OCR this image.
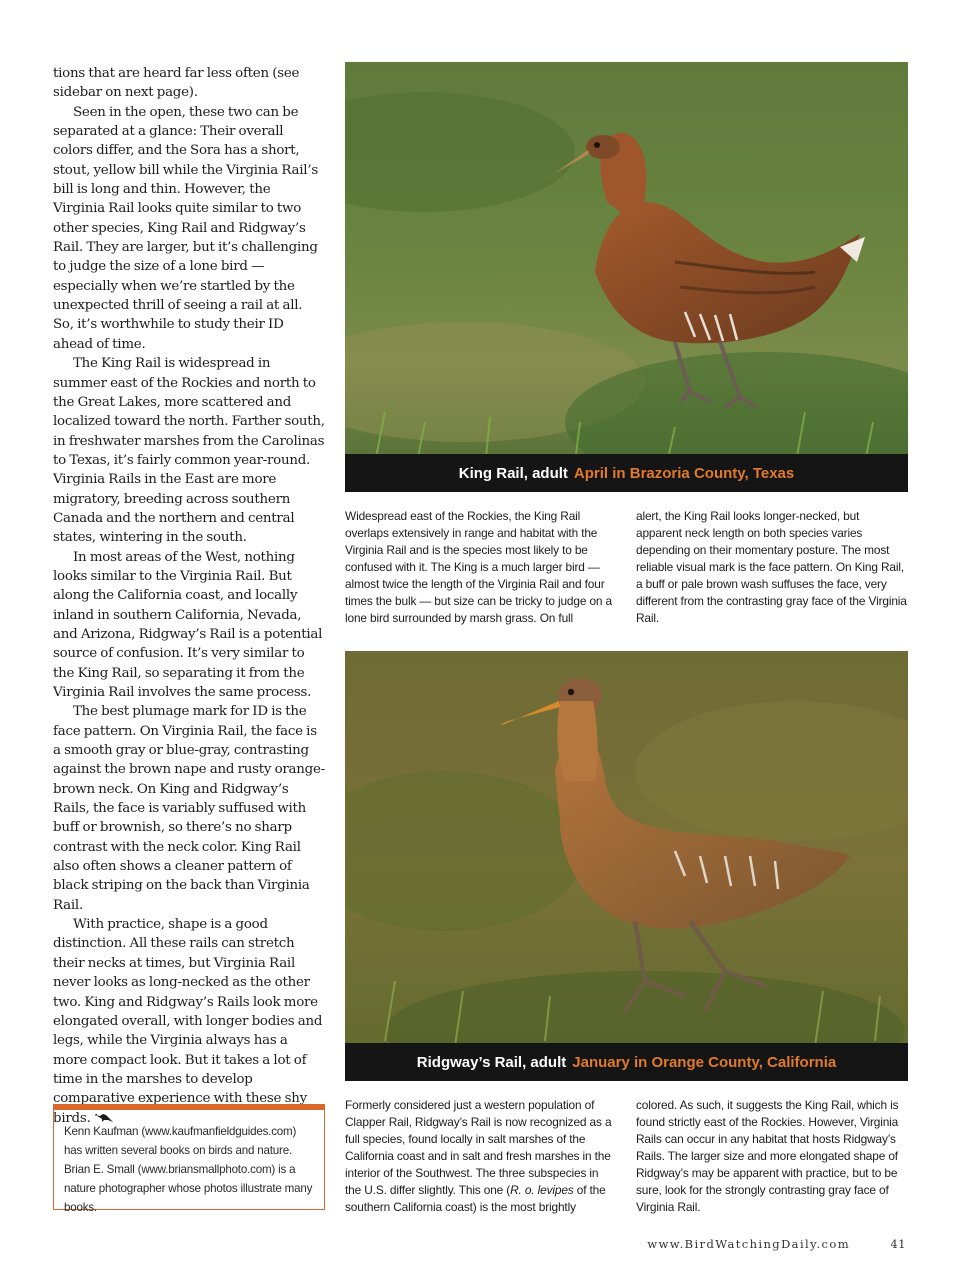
tions that are heard far less often (see sidebar on next page).

Seen in the open, these two can be separated at a glance: Their overall colors differ, and the Sora has a short, stout, yellow bill while the Virginia Rail’s bill is long and thin. However, the Virginia Rail looks quite similar to two other species, King Rail and Ridgway’s Rail. They are larger, but it’s challenging to judge the size of a lone bird — especially when we’re startled by the unexpected thrill of seeing a rail at all. So, it’s worthwhile to study their ID ahead of time.

The King Rail is widespread in summer east of the Rockies and north to the Great Lakes, more scattered and localized toward the north. Farther south, in freshwater marshes from the Carolinas to Texas, it’s fairly common year-round. Virginia Rails in the East are more migratory, breeding across southern Canada and the northern and central states, wintering in the south.

In most areas of the West, nothing looks similar to the Virginia Rail. But along the California coast, and locally inland in southern California, Nevada, and Arizona, Ridgway’s Rail is a potential source of confusion. It’s very similar to the King Rail, so separating it from the Virginia Rail involves the same process.

The best plumage mark for ID is the face pattern. On Virginia Rail, the face is a smooth gray or blue-gray, contrasting against the brown nape and rusty orange-brown neck. On King and Ridgway’s Rails, the face is variably suffused with buff or brownish, so there’s no sharp contrast with the neck color. King Rail also often shows a cleaner pattern of black striping on the back than Virginia Rail.

With practice, shape is a good distinction. All these rails can stretch their necks at times, but Virginia Rail never looks as long-necked as the other two. King and Ridgway’s Rails look more elongated overall, with longer bodies and legs, while the Virginia always has a more compact look. But it takes a lot of time in the marshes to develop comparative experience with these shy birds.

Kenn Kaufman (www.kaufmanfieldguides.com) has written several books on birds and nature. Brian E. Small (www.briansmallphoto.com) is a nature photographer whose photos illustrate many books.
King Rail, adult April in Brazoria County, Texas

Widespread east of the Rockies, the King Rail overlaps extensively in range and habitat with the Virginia Rail and is the species most likely to be confused with it. The King is a much larger bird — almost twice the length of the Virginia Rail and four times the bulk — but size can be tricky to judge on a lone bird surrounded by marsh grass. On full

alert, the King Rail looks longer-necked, but apparent neck length on both species varies depending on their momentary posture. The most reliable visual mark is the face pattern. On King Rail, a buff or pale brown wash suffuses the face, very different from the contrasting gray face of the Virginia Rail.

Ridgway’s Rail, adult January in Orange County, California

Formerly considered just a western population of Clapper Rail, Ridgway’s Rail is now recognized as a full species, found locally in salt marshes of the California coast and in salt and fresh marshes in the interior of the Southwest. The three subspecies in the U.S. differ slightly. This one (R. o. levipes of the southern California coast) is the most brightly

colored. As such, it suggests the King Rail, which is found strictly east of the Rockies. However, Virginia Rails can occur in any habitat that hosts Ridgway’s Rails. The larger size and more elongated shape of Ridgway’s may be apparent with practice, but to be sure, look for the strongly contrasting gray face of Virginia Rail.

www.BirdWatchingDaily.com	41
